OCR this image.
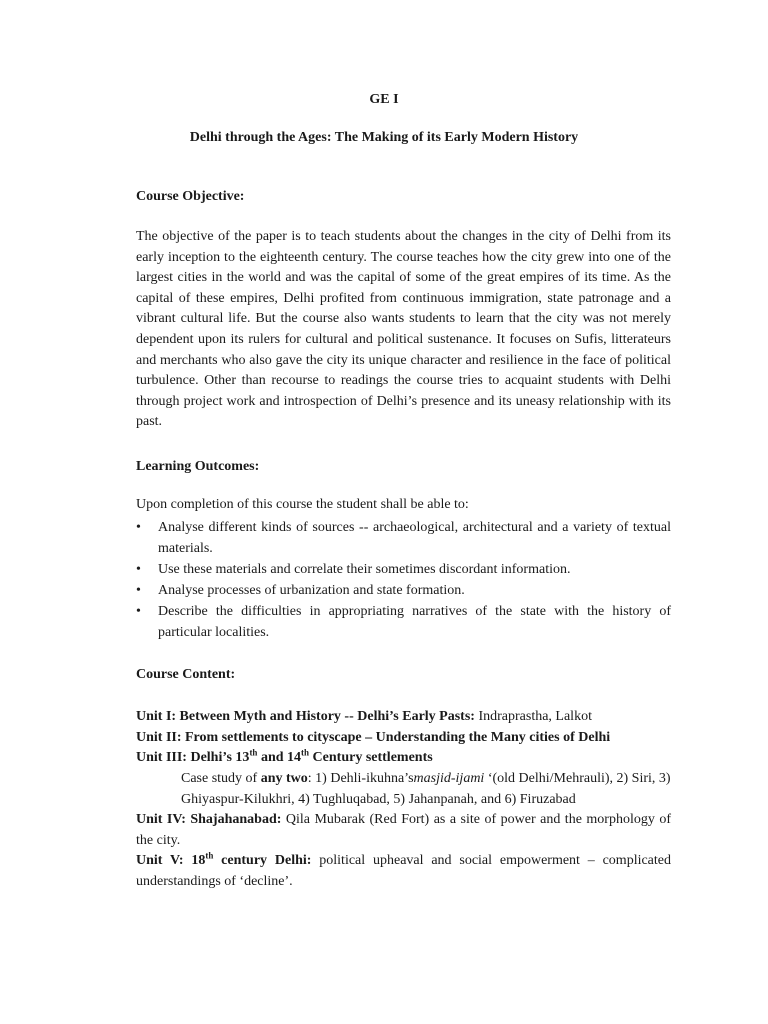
GE I
Delhi through the Ages: The Making of its Early Modern History
Course Objective:
The objective of the paper is to teach students about the changes in the city of Delhi from its early inception to the eighteenth century. The course teaches how the city grew into one of the largest cities in the world and was the capital of some of the great empires of its time. As the capital of these empires, Delhi profited from continuous immigration, state patronage and a vibrant cultural life. But the course also wants students to learn that the city was not merely dependent upon its rulers for cultural and political sustenance. It focuses on Sufis, litterateurs and merchants who also gave the city its unique character and resilience in the face of political turbulence. Other than recourse to readings the course tries to acquaint students with Delhi through project work and introspection of Delhi’s presence and its uneasy relationship with its past.
Learning Outcomes:
Upon completion of this course the student shall be able to:
• Analyse different kinds of sources -- archaeological, architectural and a variety of textual materials.
• Use these materials and correlate their sometimes discordant information.
• Analyse processes of urbanization and state formation.
• Describe the difficulties in appropriating narratives of the state with the history of particular localities.
Course Content:
Unit I: Between Myth and History -- Delhi’s Early Pasts: Indraprastha, Lalkot
Unit II: From settlements to cityscape – Understanding the Many cities of Delhi
Unit III: Delhi’s 13th and 14th Century settlements
Case study of any two: 1) Dehli-ikuhna’smasjid-ijami ‘(old Delhi/Mehrauli), 2) Siri, 3) Ghiyaspur-Kilukhri, 4) Tughluqabad, 5) Jahanpanah, and 6) Firuzabad
Unit IV: Shajahanabad: Qila Mubarak (Red Fort) as a site of power and the morphology of the city.
Unit V: 18th century Delhi: political upheaval and social empowerment – complicated understandings of ‘decline’.
